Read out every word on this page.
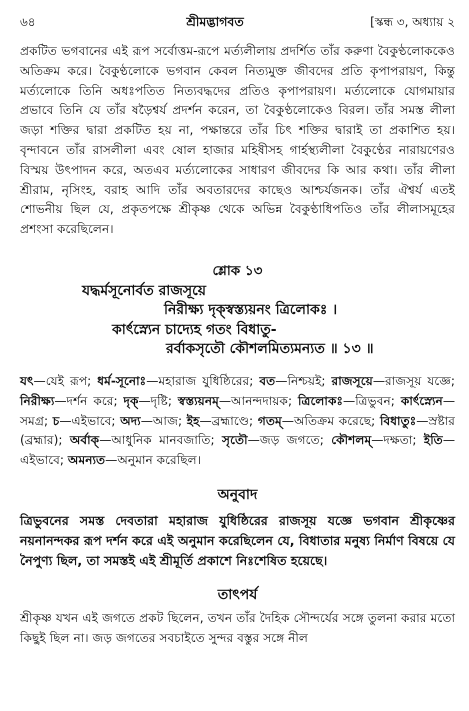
৬৪	শ্রীমদ্ভাগবত	[স্কন্ধ ৩, অধ্যায় ২

প্রকটিত ভগবানের এই রূপ সর্বোত্তম-রূপে মর্ত্যলীলায় প্রদর্শিত তাঁর করুণা বৈকুণ্ঠলোককেও অতিক্রম করে। বৈকুণ্ঠলোকে ভগবান কেবল নিত্যমুক্ত জীবদের প্রতি কৃপাপরায়ণ, কিন্তু মর্ত্যলোকে তিনি অধঃপতিত নিত্যবদ্ধদের প্রতিও কৃপাপরায়ণ। মর্ত্যলোকে যোগমায়ার প্রভাবে তিনি যে তাঁর ষড়ৈশ্বর্য প্রদর্শন করেন, তা বৈকুণ্ঠলোকেও বিরল। তাঁর সমস্ত লীলা জড়া শক্তির দ্বারা প্রকটিত হয় না, পক্ষান্তরে তাঁর চিৎ শক্তির দ্বারাই তা প্রকাশিত হয়। বৃন্দাবনে তাঁর রাসলীলা এবং ষোল হাজার মহিষীসহ গার্হস্থ্যলীলা বৈকুণ্ঠের নারায়ণেরও বিস্ময় উৎপাদন করে, অতএব মর্ত্যলোকের সাধারণ জীবদের কি আর কথা। তাঁর লীলা শ্রীরাম, নৃসিংহ, বরাহ আদি তাঁর অবতারদের কাছেও আশ্চর্যজনক। তাঁর ঐশ্বর্য এতই শোভনীয় ছিল যে, প্রকৃতপক্ষে শ্রীকৃষ্ণ থেকে অভিন্ন বৈকুণ্ঠাধিপতিও তাঁর লীলাসমূহের প্রশংসা করেছিলেন।

শ্লোক ১৩
যদ্ধর্মসূনোর্বত রাজসূয়ে
নিরীক্ষ্য দৃক্স্বস্ত্যয়নং ত্রিলোকঃ ।
কার্ৎস্ন্যেন চাদ্যেহ গতং বিধাতু-
রর্বাকসৃতৌ কৌশলমিত্যমন্যত ॥ ১৩ ॥

যৎ—যেই রূপ; ধর্ম-সূনোঃ—মহারাজ যুধিষ্ঠিরের; বত—নিশ্চয়ই; রাজসূয়ে—রাজসূয় যজ্ঞে; নিরীক্ষ্য—দর্শন করে; দৃক্—দৃষ্টি; স্বস্ত্যয়নম্—আনন্দদায়ক; ত্রিলোকঃ—ত্রিভুবন; কার্ৎস্ন্যেন—সমগ্র; চ—এইভাবে; অদ্য—আজ; ইহ—ব্রহ্মাণ্ডে; গতম্—অতিক্রম করেছে; বিধাতুঃ—স্রষ্টার (ব্রহ্মার); অর্বাক্—আধুনিক মানবজাতি; সৃতৌ—জড় জগতে; কৌশলম্—দক্ষতা; ইতি—এইভাবে; অমন্যত—অনুমান করেছিল।

অনুবাদ

ত্রিভুবনের সমস্ত দেবতারা মহারাজ যুধিষ্ঠিরের রাজসূয় যজ্ঞে ভগবান শ্রীকৃষ্ণের নয়নানন্দকর রূপ দর্শন করে এই অনুমান করেছিলেন যে, বিধাতার মনুষ্য নির্মাণ বিষয়ে যে নৈপুণ্য ছিল, তা সমস্তই এই শ্রীমূর্তি প্রকাশে নিঃশেষিত হয়েছে।

তাৎপর্য

শ্রীকৃষ্ণ যখন এই জগতে প্রকট ছিলেন, তখন তাঁর দৈহিক সৌন্দর্যের সঙ্গে তুলনা করার মতো কিছুই ছিল না। জড় জগতের সবচাইতে সুন্দর বস্তুর সঙ্গে নীল
